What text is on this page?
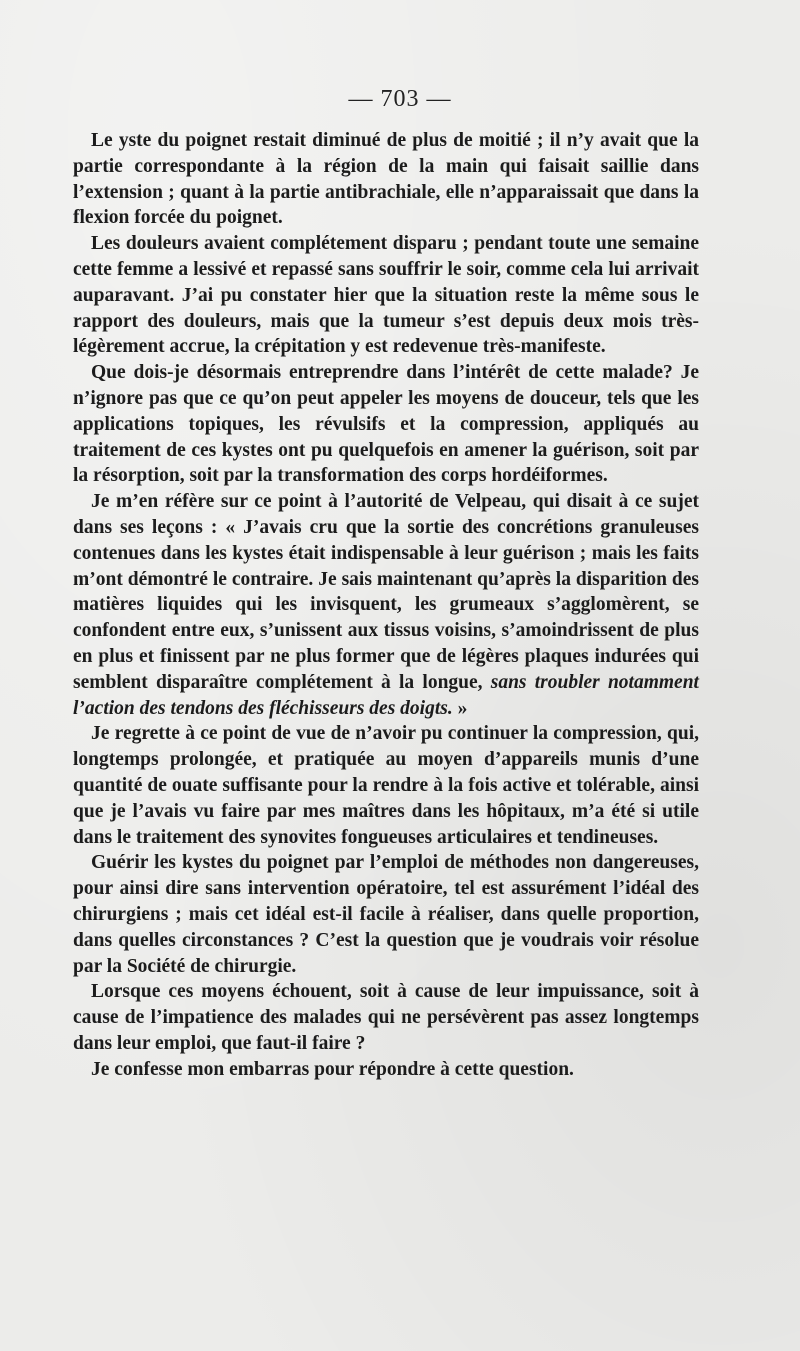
— 703 —

Le yste du poignet restait diminué de plus de moitié ; il n’y avait que la partie correspondante à la région de la main qui faisait saillie dans l’extension ; quant à la partie antibrachiale, elle n’apparaissait que dans la flexion forcée du poignet.

Les douleurs avaient complétement disparu ; pendant toute une semaine cette femme a lessivé et repassé sans souffrir le soir, comme cela lui arrivait auparavant. J’ai pu constater hier que la situation reste la même sous le rapport des douleurs, mais que la tumeur s’est depuis deux mois très-légèrement accrue, la crépitation y est redevenue très-manifeste.

Que dois-je désormais entreprendre dans l’intérêt de cette malade? Je n’ignore pas que ce qu’on peut appeler les moyens de douceur, tels que les applications topiques, les révulsifs et la compression, appliqués au traitement de ces kystes ont pu quelquefois en amener la guérison, soit par la résorption, soit par la transformation des corps hordéiformes.

Je m’en réfère sur ce point à l’autorité de Velpeau, qui disait à ce sujet dans ses leçons : « J’avais cru que la sortie des concrétions granuleuses contenues dans les kystes était indispensable à leur guérison ; mais les faits m’ont démontré le contraire. Je sais maintenant qu’après la disparition des matières liquides qui les invisquent, les grumeaux s’agglomèrent, se confondent entre eux, s’unissent aux tissus voisins, s’amoindrissent de plus en plus et finissent par ne plus former que de légères plaques indurées qui semblent disparaître complétement à la longue, sans troubler notamment l’action des tendons des fléchisseurs des doigts. »

Je regrette à ce point de vue de n’avoir pu continuer la compression, qui, longtemps prolongée, et pratiquée au moyen d’appareils munis d’une quantité de ouate suffisante pour la rendre à la fois active et tolérable, ainsi que je l’avais vu faire par mes maîtres dans les hôpitaux, m’a été si utile dans le traitement des synovites fongueuses articulaires et tendineuses.

Guérir les kystes du poignet par l’emploi de méthodes non dangereuses, pour ainsi dire sans intervention opératoire, tel est assurément l’idéal des chirurgiens ; mais cet idéal est-il facile à réaliser, dans quelle proportion, dans quelles circonstances ? C’est la question que je voudrais voir résolue par la Société de chirurgie.

Lorsque ces moyens échouent, soit à cause de leur impuissance, soit à cause de l’impatience des malades qui ne persévèrent pas assez longtemps dans leur emploi, que faut-il faire ?

Je confesse mon embarras pour répondre à cette question.
